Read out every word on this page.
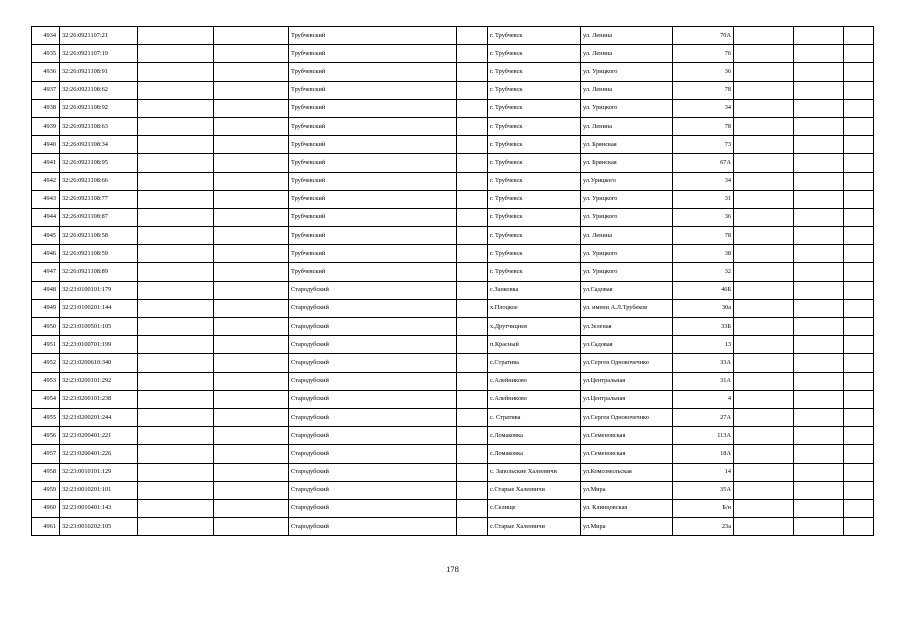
4934	32:26:0921107:21			Трубчевский		г. Трубчевск	ул. Ленина	70А			
4935	32:26:0921107:19			Трубчевский		г. Трубчевск	ул. Ленина	76			
4936	32:26:0921108:91			Трубчевский		г. Трубчевск	ул. Урицкого	36			
4937	32:26:0921108:62			Трубчевский		г. Трубчевск	ул. Ленина	78			
4938	32:26:0921108:92			Трубчевский		г. Трубчевск	ул. Урицкого	34			
4939	32:26:0921108:63			Трубчевский		г. Трубчевск	ул. Ленина	78			
4940	32:26:0921108:34			Трубчевский		г. Трубчевск	ул. Брянская	73			
4941	32:26:0921108:95			Трубчевский		г. Трубчевск	ул. Брянская	67А			
4942	32:26:0921108:66			Трубчевский		г. Трубчевск	ул.Урицкого	34			
4943	32:26:0921108:77			Трубчевский		г. Трубчевск	ул. Урицкого	31			
4944	32:26:0921108:87			Трубчевский		г. Трубчевск	ул. Урицкого	36			
4945	32:26:0921108:58			Трубчевский		г. Трубчевск	ул. Ленина	78			
4946	32:26:0921108:59			Трубчевский		г. Трубчевск	ул. Урицкого	38			
4947	32:26:0921108:89			Трубчевский		г. Трубчевск	ул. Урицкого	32			
4948	32:23:0100101:179			Стародубский		с.Занковка	ул.Садовая	46Б			
4949	32:23:0100201:144			Стародубский		х.Плоцкое	ул. имени А.Л.Трубеков	30а			
4950	32:23:0100501:105			Стародубский		х.Друтчицнея	ул.Зеленая	33Б			
4951	32:23:0100701:199			Стародубский		п.Красный	ул.Садовая	13			
4952	32:23:0200610:340			Стародубский		с.Стратива	ул.Сергея Одновочечнко	33А			
4953	32:23:0200101:292			Стародубский		с.Алейниково	ул.Центральная	31А			
4954	32:23:0200101:238			Стародубский		с.Алейниково	ул.Центральная	4			
4955	32:23:0200201:244			Стародубский		с. Стратива	ул.Сергея Одновочечнко	27А			
4956	32:23:0200401:221			Стародубский		с.Ломаковка	ул.Семеновская	113А			
4957	32:23:0200401:226			Стародубский		с.Ломаковка	ул.Семеновская	18А			
4958	32:23:0010101:129			Стародубский		с. Запольские Халеевичи	ул.Комсомольская	14			
4959	32:23:0010201:101			Стародубский		с.Старые Халеевичи	ул.Мира	35А			
4960	32:23:0010401:143			Стародубский		с.Селище	ул. Клинцовская	Б/н			
4961	32:23:0010202:105			Стародубский		с.Старые Халеевичи	ул.Мира	23а			
178
